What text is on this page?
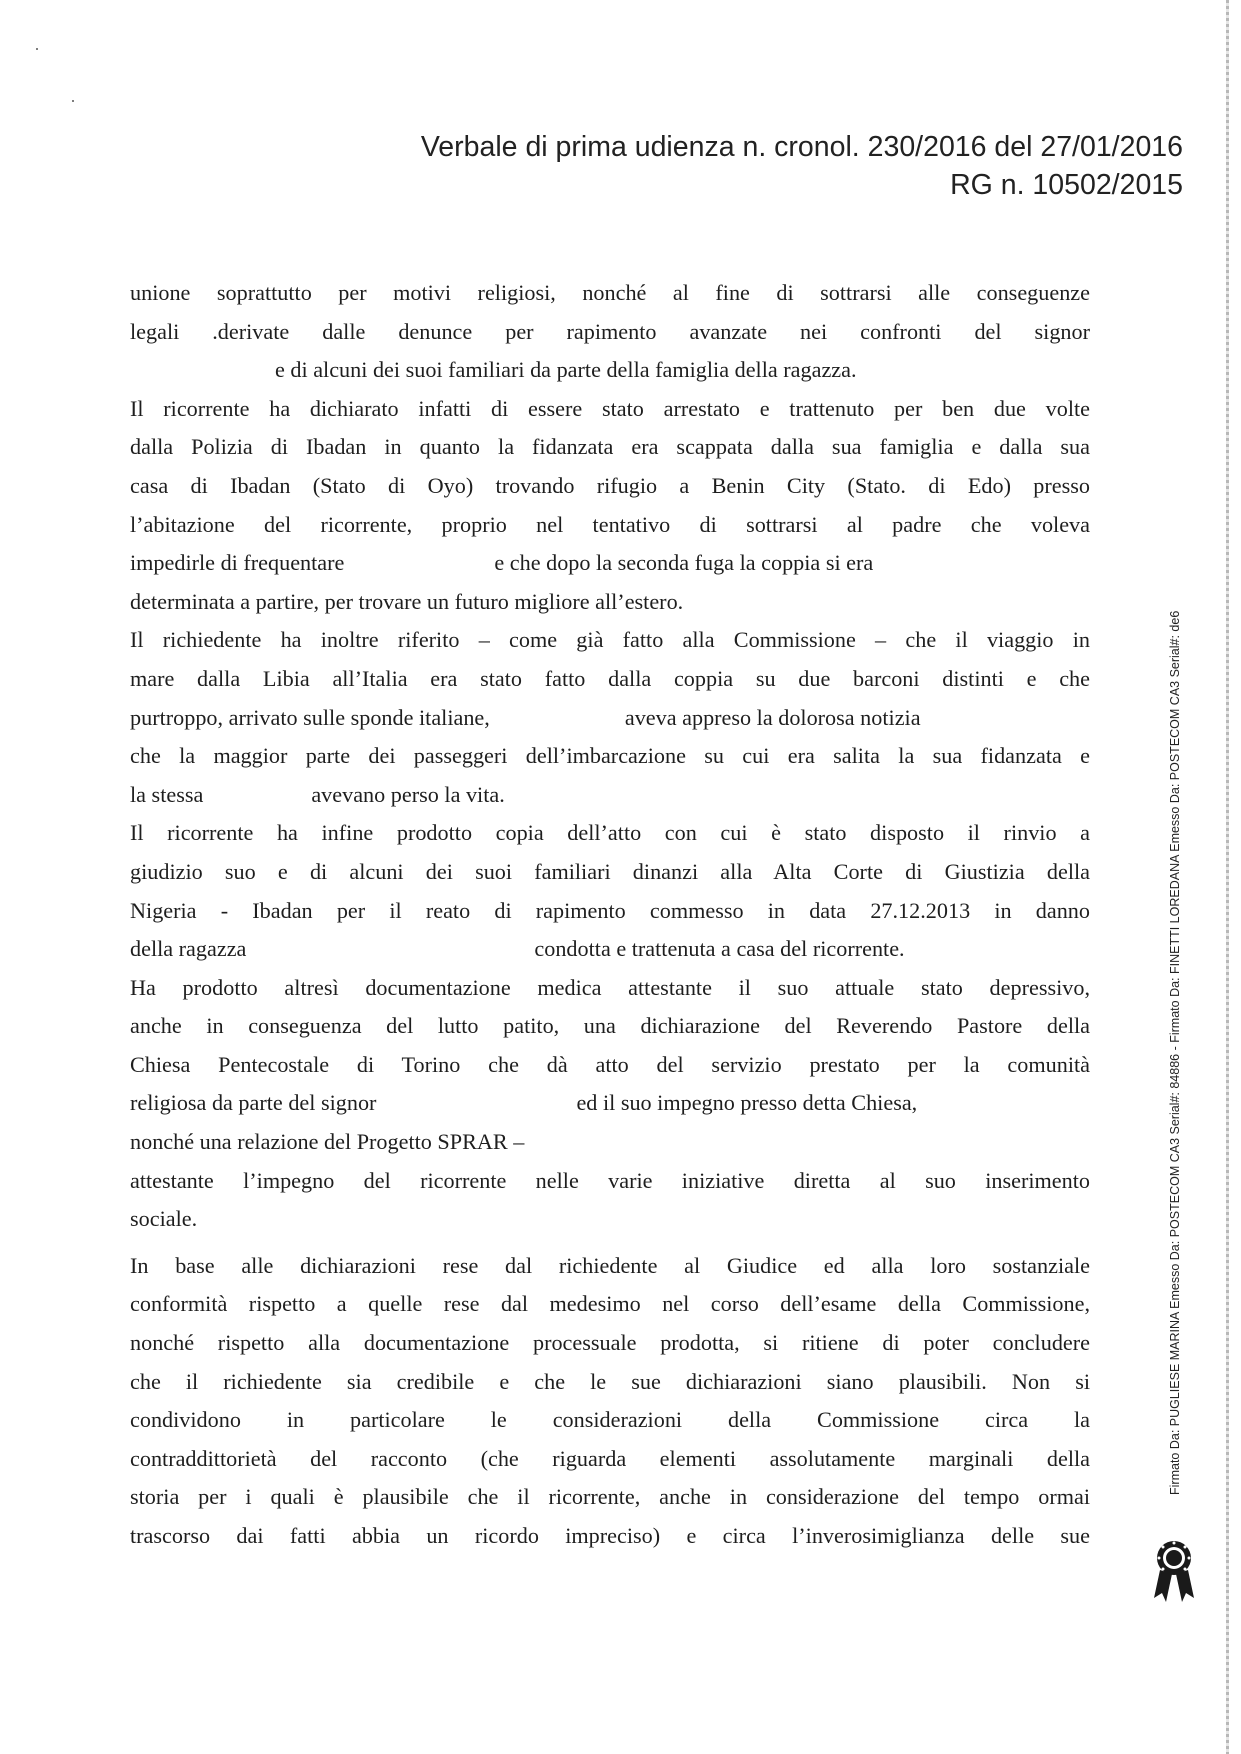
Verbale di prima udienza n. cronol. 230/2016 del 27/01/2016
RG n. 10502/2015
unione soprattutto per motivi religiosi, nonché al fine di sottrarsi alle conseguenze
legali .derivate dalle denunce per rapimento avanzate nei confronti del signor
e di alcuni dei suoi familiari da parte della famiglia della ragazza.
Il ricorrente ha dichiarato infatti di essere stato arrestato e trattenuto per ben due volte
dalla Polizia di Ibadan in quanto la fidanzata era scappata dalla sua famiglia e dalla sua
casa di Ibadan (Stato di Oyo) trovando rifugio a Benin City (Stato. di Edo) presso
l’abitazione del ricorrente, proprio nel tentativo di sottrarsi al padre che voleva
impedirle di frequentare	e che dopo la seconda fuga la coppia si era
determinata a partire, per trovare un futuro migliore all’estero.
Il richiedente ha inoltre riferito – come già fatto alla Commissione – che il viaggio in
mare dalla Libia all’Italia era stato fatto dalla coppia su due barconi distinti e che
purtroppo, arrivato sulle sponde italiane,	aveva appreso la dolorosa notizia
che la maggior parte dei passeggeri dell’imbarcazione su cui era salita la sua fidanzata e
la stessa	avevano perso la vita.
Il ricorrente ha infine prodotto copia dell’atto con cui è stato disposto il rinvio a
giudizio suo e di alcuni dei suoi familiari dinanzi alla Alta Corte di Giustizia della
Nigeria - Ibadan per il reato di rapimento commesso in data 27.12.2013 in danno
della ragazza	condotta e trattenuta a casa del ricorrente.
Ha prodotto altresì documentazione medica attestante il suo attuale stato depressivo,
anche in conseguenza del lutto patito, una dichiarazione del Reverendo Pastore della
Chiesa Pentecostale di Torino che dà atto del servizio prestato per la comunità
religiosa da parte del signor	ed il suo impegno presso detta Chiesa,
nonché una relazione del Progetto SPRAR –
attestante l’impegno del ricorrente nelle varie iniziative diretta al suo inserimento
sociale.
In base alle dichiarazioni rese dal richiedente al Giudice ed alla loro sostanziale
conformità rispetto a quelle rese dal medesimo nel corso dell’esame della Commissione,
nonché rispetto alla documentazione processuale prodotta, si ritiene di poter concludere
che il richiedente sia credibile e che le sue dichiarazioni siano plausibili. Non si
condividono in particolare le considerazioni della Commissione circa la
contraddittorietà del racconto (che riguarda elementi assolutamente marginali della
storia per i quali è plausibile che il ricorrente, anche in considerazione del tempo ormai
trascorso dai fatti abbia un ricordo impreciso) e circa l’inverosimiglianza delle sue
Firmato Da: PUGLIESE MARINA Emesso Da: POSTECOM CA3 Serial#: 84886 - Firmato Da: FINETTI LOREDANA Emesso Da: POSTECOM CA3 Serial#: de6
